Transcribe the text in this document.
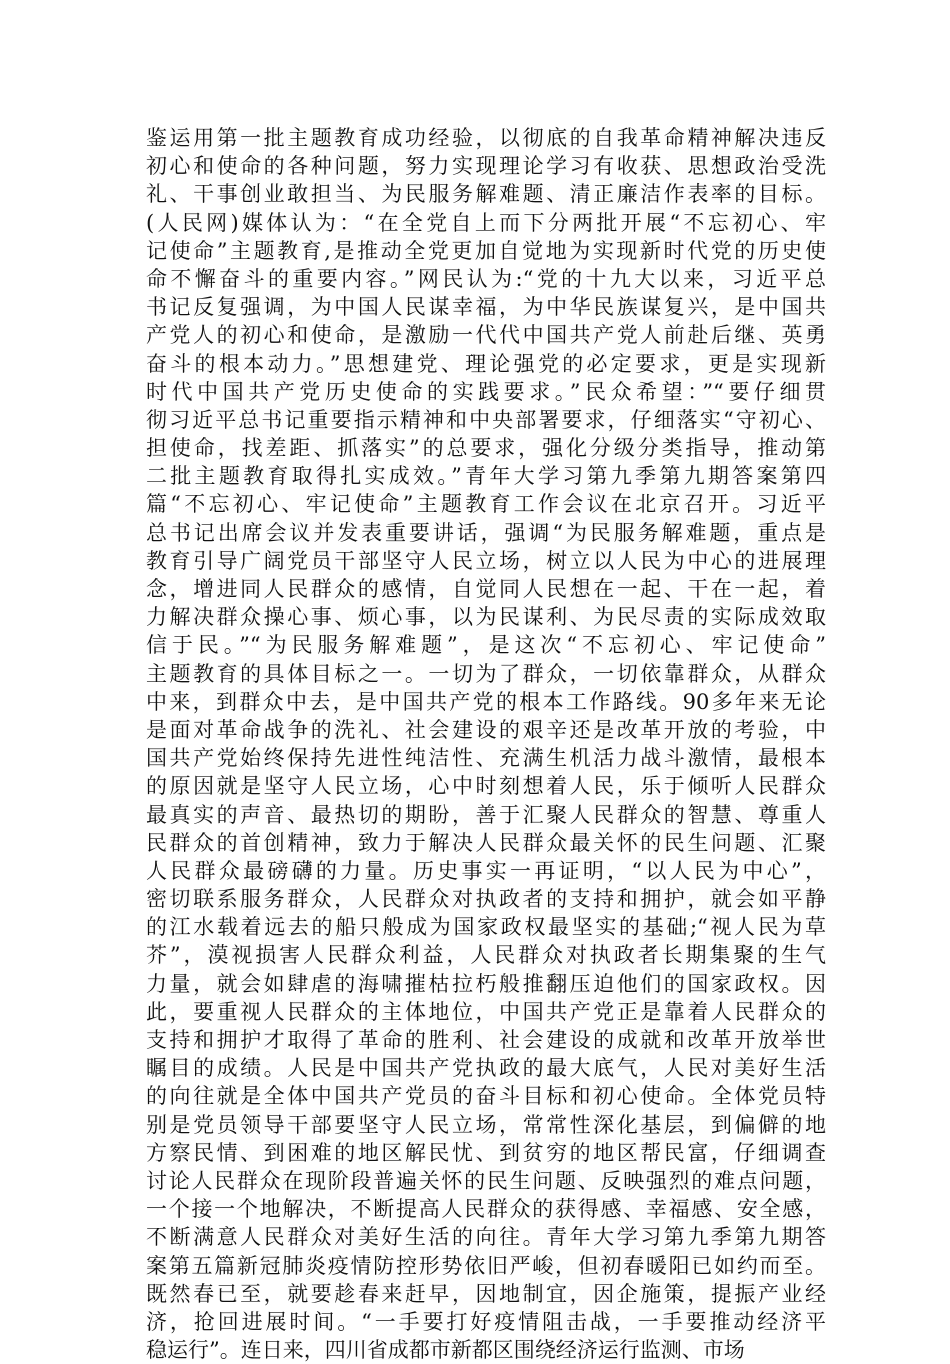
鉴运用第一批主题教育成功经验，以彻底的自我革命精神解决违反
初心和使命的各种问题，努力实现理论学习有收获、思想政治受洗
礼、干事创业敢担当、为民服务解难题、清正廉洁作表率的目标。
(人民网)媒体认为：“在全党自上而下分两批开展“不忘初心、牢
记使命”主题教育,是推动全党更加自觉地为实现新时代党的历史使
命不懈奋斗的重要内容。”网民认为:“党的十九大以来，习近平总
书记反复强调，为中国人民谋幸福，为中华民族谋复兴，是中国共
产党人的初心和使命，是激励一代代中国共产党人前赴后继、英勇
奋斗的根本动力。”思想建党、理论强党的必定要求，更是实现新
时代中国共产党历史使命的实践要求。”民众希望：”“要仔细贯
彻习近平总书记重要指示精神和中央部署要求，仔细落实“守初心、
担使命，找差距、抓落实”的总要求，强化分级分类指导，推动第
二批主题教育取得扎实成效。”青年大学习第九季第九期答案第四
篇“不忘初心、牢记使命”主题教育工作会议在北京召开。习近平
总书记出席会议并发表重要讲话，强调“为民服务解难题，重点是
教育引导广阔党员干部坚守人民立场，树立以人民为中心的进展理
念，增进同人民群众的感情，自觉同人民想在一起、干在一起，着
力解决群众操心事、烦心事，以为民谋利、为民尽责的实际成效取
信于民。”“为民服务解难题”，是这次“不忘初心、牢记使命”
主题教育的具体目标之一。一切为了群众，一切依靠群众，从群众
中来，到群众中去，是中国共产党的根本工作路线。90多年来无论
是面对革命战争的洗礼、社会建设的艰辛还是改革开放的考验，中
国共产党始终保持先进性纯洁性、充满生机活力战斗激情，最根本
的原因就是坚守人民立场，心中时刻想着人民，乐于倾听人民群众
最真实的声音、最热切的期盼，善于汇聚人民群众的智慧、尊重人
民群众的首创精神，致力于解决人民群众最关怀的民生问题、汇聚
人民群众最磅礴的力量。历史事实一再证明，“以人民为中心”，
密切联系服务群众，人民群众对执政者的支持和拥护，就会如平静
的江水载着远去的船只般成为国家政权最坚实的基础;“视人民为草
芥”，漠视损害人民群众利益，人民群众对执政者长期集聚的生气
力量，就会如肆虐的海啸摧枯拉朽般推翻压迫他们的国家政权。因
此，要重视人民群众的主体地位，中国共产党正是靠着人民群众的
支持和拥护才取得了革命的胜利、社会建设的成就和改革开放举世
瞩目的成绩。人民是中国共产党执政的最大底气，人民对美好生活
的向往就是全体中国共产党员的奋斗目标和初心使命。全体党员特
别是党员领导干部要坚守人民立场，常常性深化基层，到偏僻的地
方察民情、到困难的地区解民忧、到贫穷的地区帮民富，仔细调查
讨论人民群众在现阶段普遍关怀的民生问题、反映强烈的难点问题，
一个接一个地解决，不断提高人民群众的获得感、幸福感、安全感，
不断满意人民群众对美好生活的向往。青年大学习第九季第九期答
案第五篇新冠肺炎疫情防控形势依旧严峻，但初春暖阳已如约而至。
既然春已至，就要趁春来赶早，因地制宜，因企施策，提振产业经
济，抢回进展时间。“一手要打好疫情阻击战，一手要推动经济平
稳运行”。连日来，四川省成都市新都区围绕经济运行监测、市场
